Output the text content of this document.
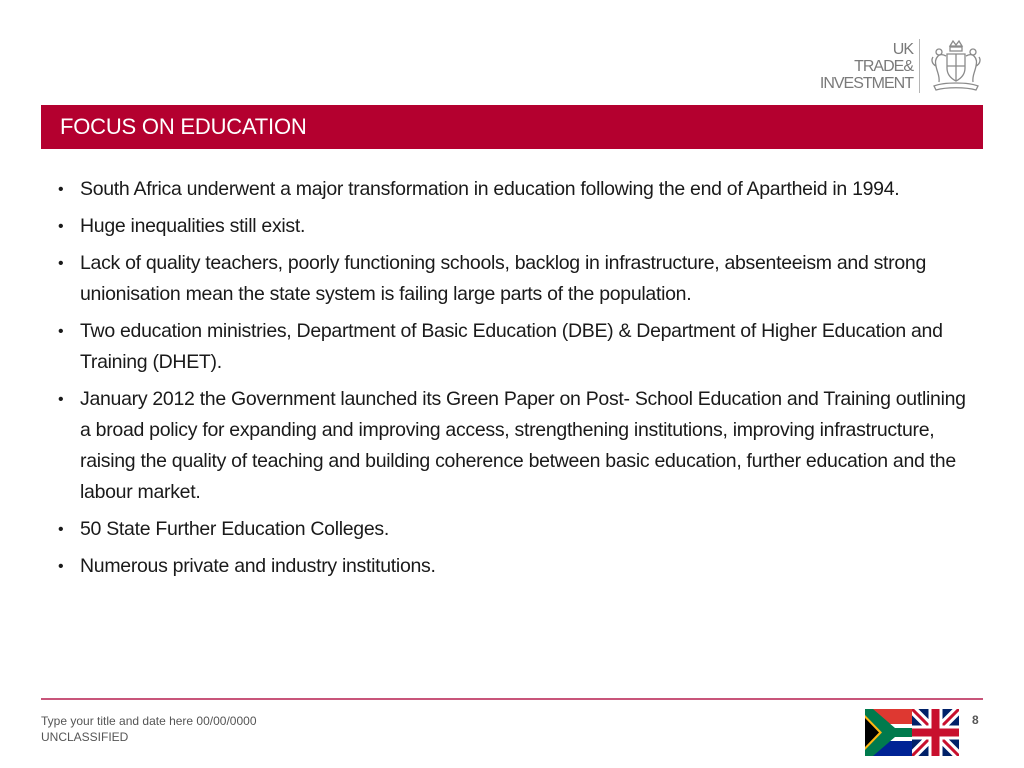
UK
TRADE&
INVESTMENT
FOCUS ON EDUCATION
• South Africa underwent a major transformation in education following the end of Apartheid in 1994.
• Huge inequalities still exist.
• Lack of quality teachers, poorly functioning schools, backlog in infrastructure, absenteeism and strong unionisation mean the state system is failing large parts of the population.
• Two education ministries, Department of Basic Education (DBE) & Department of Higher Education and Training (DHET).
• January 2012 the Government launched its Green Paper on Post- School Education and Training outlining a broad policy for expanding and improving access, strengthening institutions, improving infrastructure, raising the quality of teaching and building coherence between basic education, further education and the labour market.
• 50 State Further Education Colleges.
• Numerous private and industry institutions.
Type your title and date here 00/00/0000
UNCLASSIFIED
8
